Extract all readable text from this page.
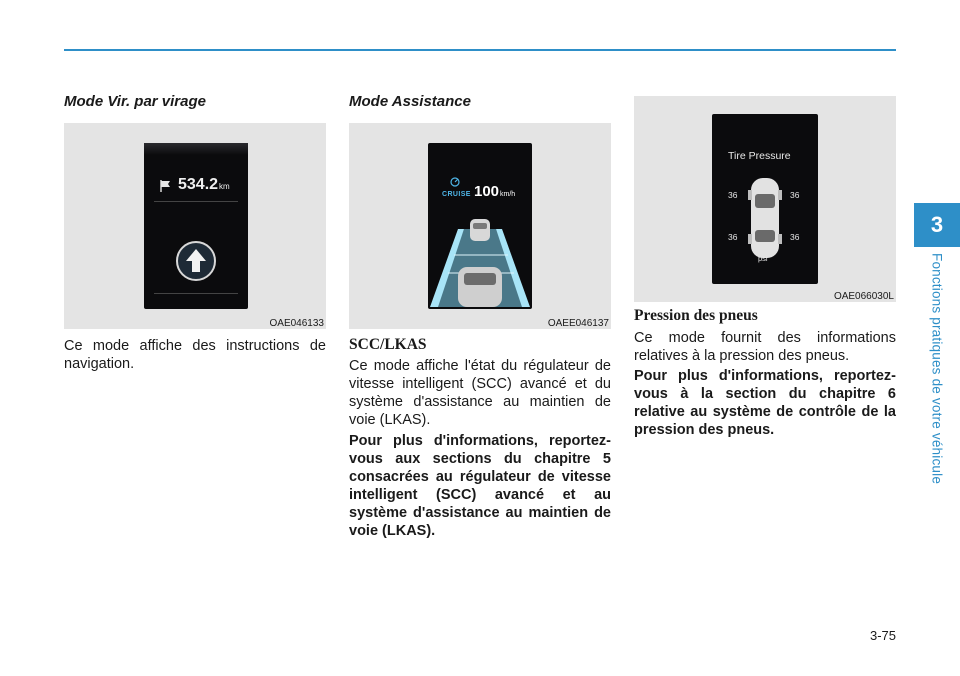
3
Fonctions pratiques de votre véhicule
Mode Vir. par virage
534.2km
OAE046133

Ce mode affiche des instructions de navigation.

Mode Assistance
CRUISE 100km/h
OAEE046137
SCC/LKAS

Ce mode affiche l'état du régulateur de vitesse intelligent (SCC) avancé et du système d'assistance au maintien de voie (LKAS).

Pour plus d'informations, reportez-vous aux sections du chapitre 5 consacrées au régulateur de vitesse intelligent (SCC) avancé et au système d'assistance au maintien de voie (LKAS).

Tire Pressure
36	36
36	36
psi
OAE066030L
Pression des pneus

Ce mode fournit des informations relatives à la pression des pneus.

Pour plus d'informations, reportez-vous à la section du chapitre 6 relative au système de contrôle de la pression des pneus.

3-75
